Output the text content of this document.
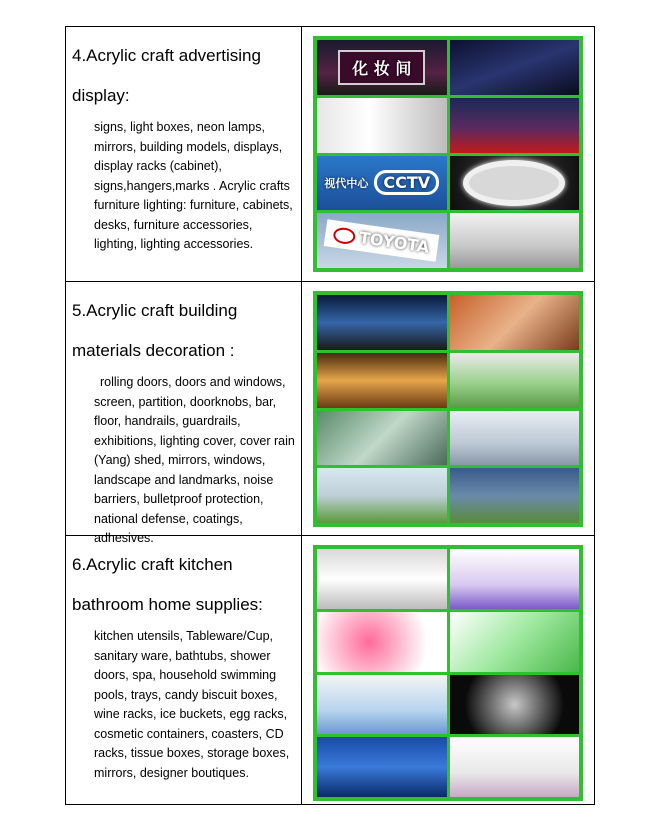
4.Acrylic craft advertising
display:

signs, light boxes, neon lamps, mirrors, building models, displays, display racks (cabinet), signs,hangers,marks . Acrylic crafts furniture lighting: furniture, cabinets, desks, furniture accessories, lighting, lighting accessories.

化 妆 间
视代中心 CCTV
TOYOTA
5.Acrylic craft building
materials decoration :

rolling doors, doors and windows, screen, partition, doorknobs, bar, floor, handrails, guardrails, exhibitions, lighting cover, cover rain (Yang) shed, mirrors, windows, landscape and landmarks, noise barriers, bulletproof protection, national defense, coatings, adhesives.

6.Acrylic craft kitchen
bathroom home supplies:

kitchen utensils, Tableware/Cup, sanitary ware, bathtubs, shower doors, spa, household swimming pools, trays, candy biscuit boxes, wine racks, ice buckets, egg racks, cosmetic containers, coasters, CD racks, tissue boxes, storage boxes, mirrors, designer boutiques.
